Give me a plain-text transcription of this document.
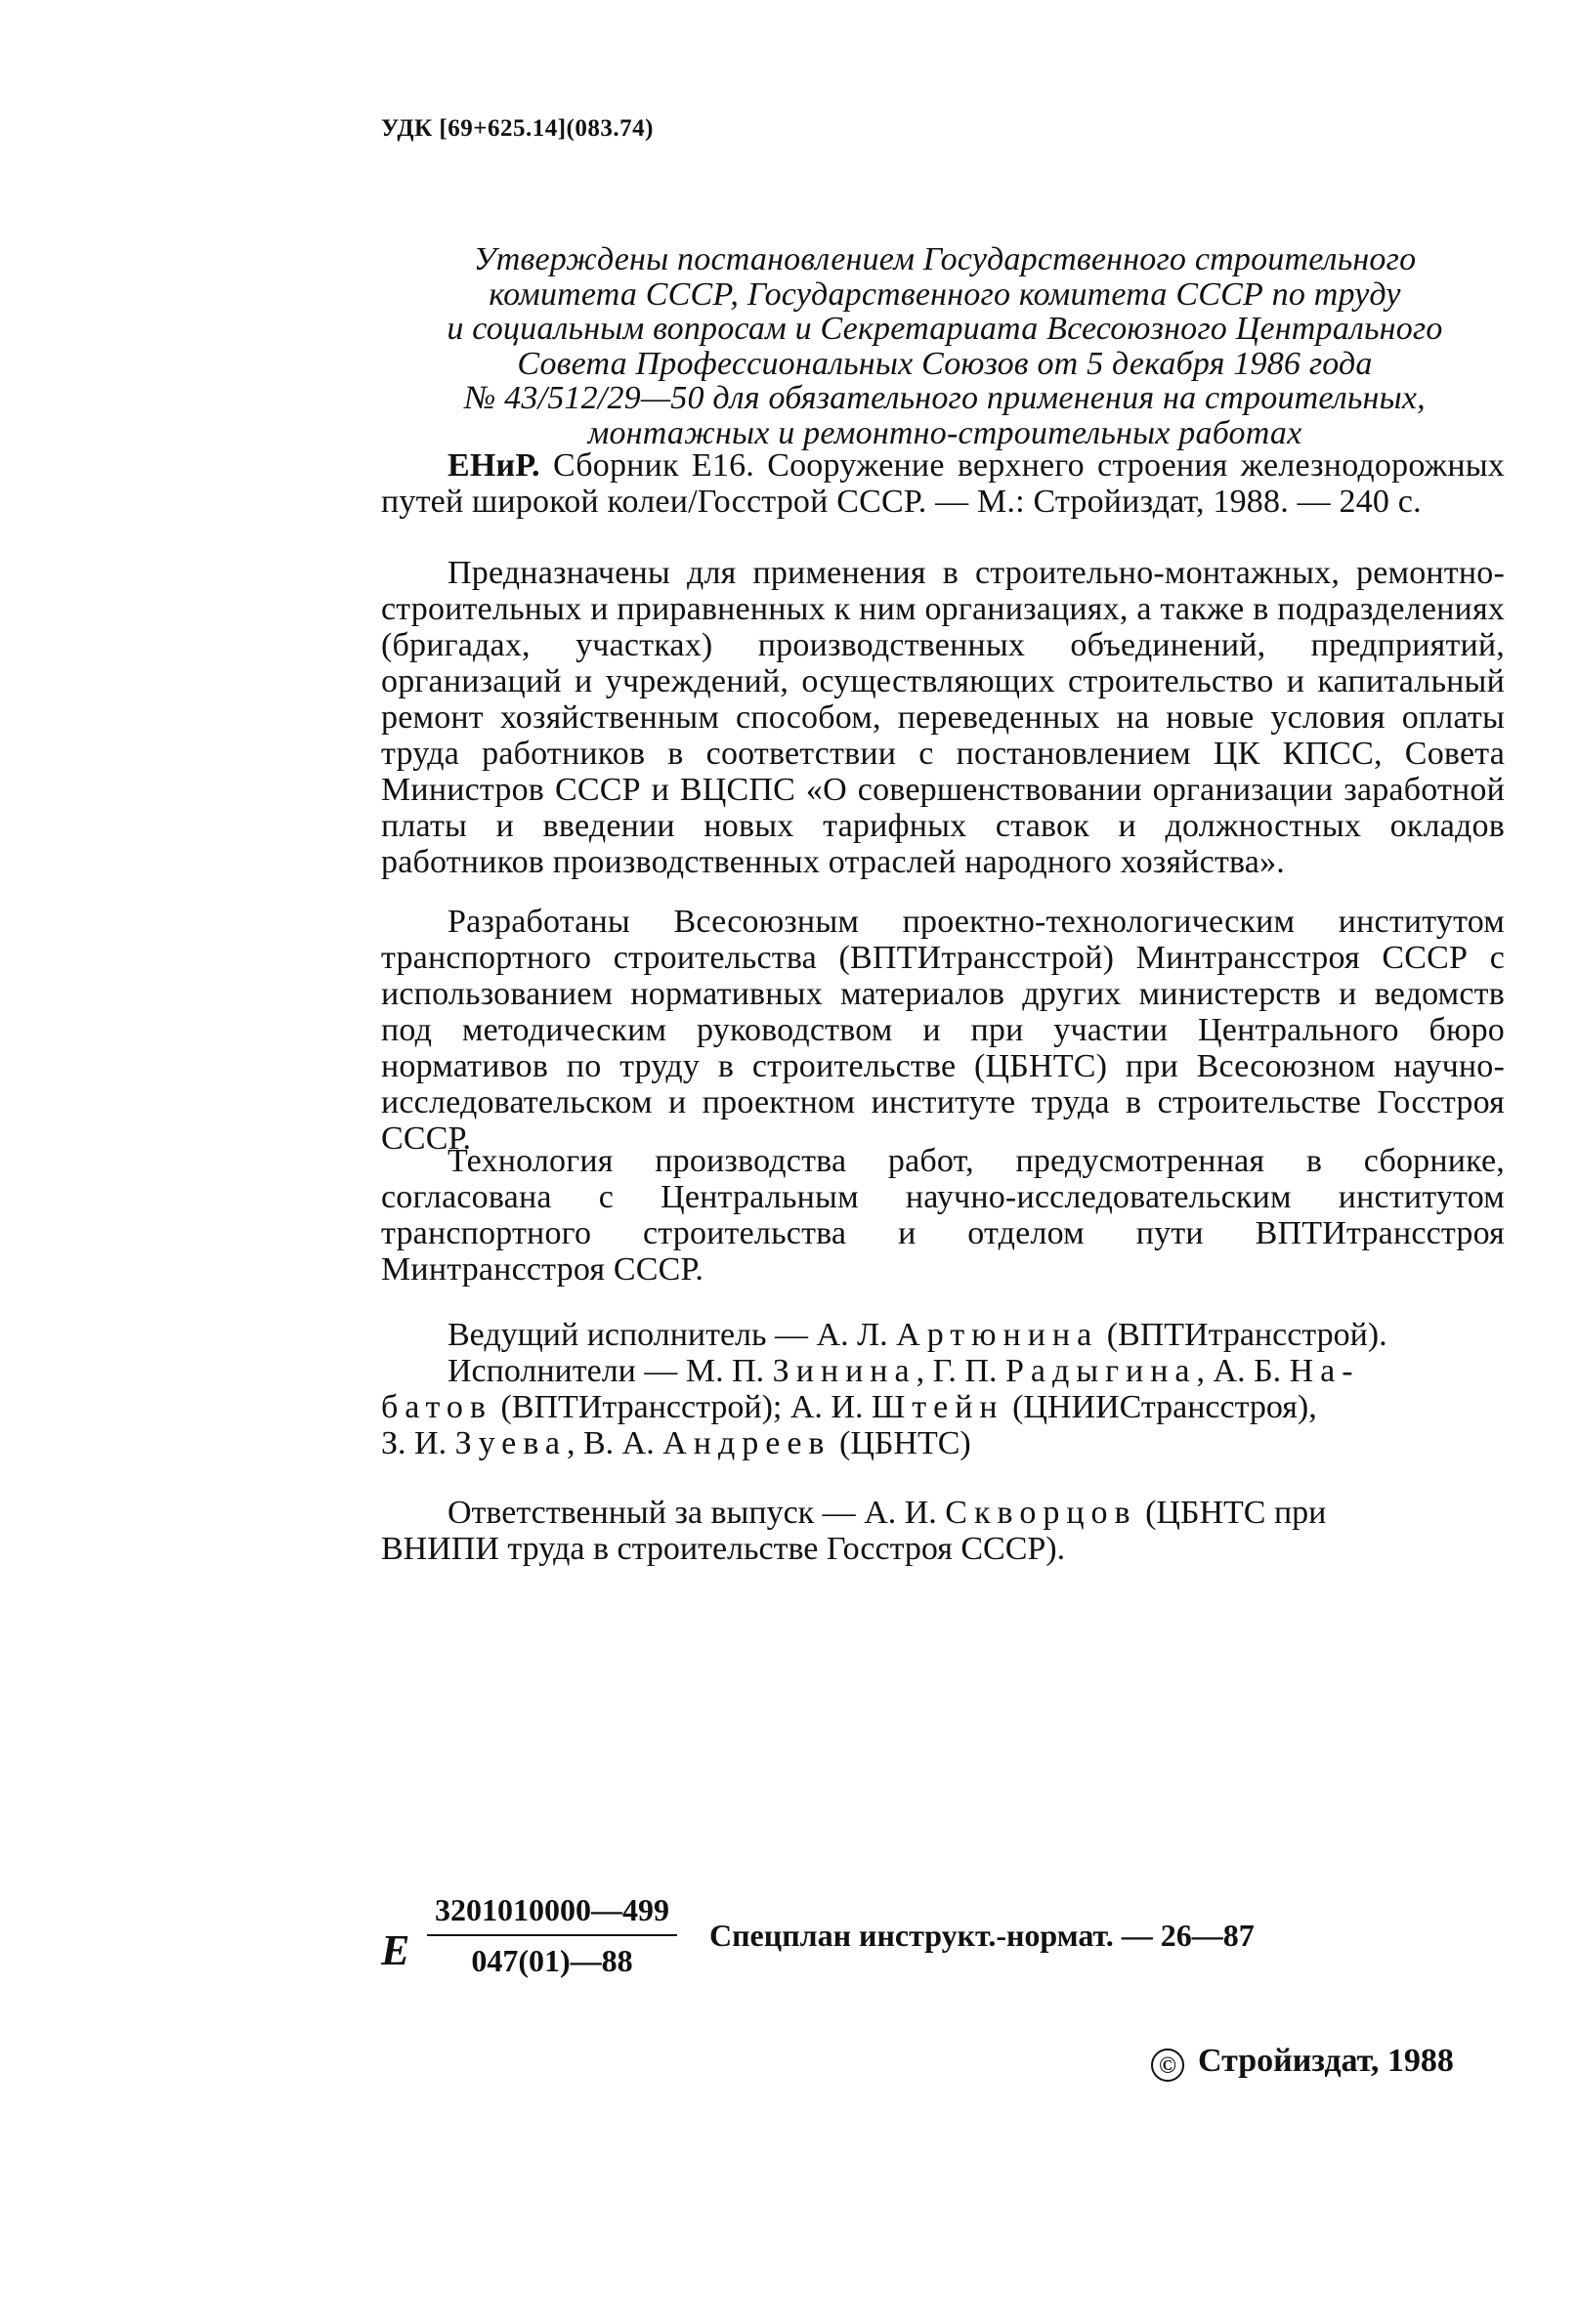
УДК [69+625.14](083.74)
Утверждены постановлением Государственного строительного
комитета СССР, Государственного комитета СССР по труду
и социальным вопросам и Секретариата Всесоюзного Центрального
Совета Профессиональных Союзов от 5 декабря 1986 года
№ 43/512/29—50 для обязательного применения на строительных,
монтажных и ремонтно-строительных работах

ЕНиР. Сборник Е16. Сооружение верхнего строения железнодорожных путей широкой колеи/Госстрой СССР. — М.: Стройиздат, 1988. — 240 с.

Предназначены для применения в строительно-монтажных, ремонтно-строительных и приравненных к ним организациях, а также в подразделениях (бригадах, участках) производственных объединений, предприятий, организаций и учреждений, осуществляющих строительство и капитальный ремонт хозяйственным способом, переведенных на новые условия оплаты труда работников в соответствии с постановлением ЦК КПСС, Совета Министров СССР и ВЦСПС «О совершенствовании организации заработной платы и введении новых тарифных ставок и должностных окладов работников производственных отраслей народного хозяйства».

Разработаны Всесоюзным проектно-технологическим институтом транспортного строительства (ВПТИтрансстрой) Минтрансстроя СССР с использованием нормативных материалов других министерств и ведомств под методическим руководством и при участии Центрального бюро нормативов по труду в строительстве (ЦБНТС) при Всесоюзном научно-исследовательском и проектном институте труда в строительстве Госстроя СССР.

Технология производства работ, предусмотренная в сборнике, согласована с Центральным научно-исследовательским институтом транспортного строительства и отделом пути ВПТИтрансстроя Минтрансстроя СССР.

Ведущий исполнитель — А. Л. Артюнина (ВПТИтрансстрой).
Исполнители — М. П. Зинина, Г. П. Радыгина, А. Б. На-
батов (ВПТИтрансстрой); А. И. Штейн (ЦНИИСтрансстроя),
З. И. Зуева, В. А. Андреев (ЦБНТС)
Ответственный за выпуск — А. И. Скворцов (ЦБНТС при
ВНИПИ труда в строительстве Госстроя СССР).
Е
3201010000—499
047(01)—88
Спецплан инструкт.-нормат. — 26—87
© Стройиздат, 1988
